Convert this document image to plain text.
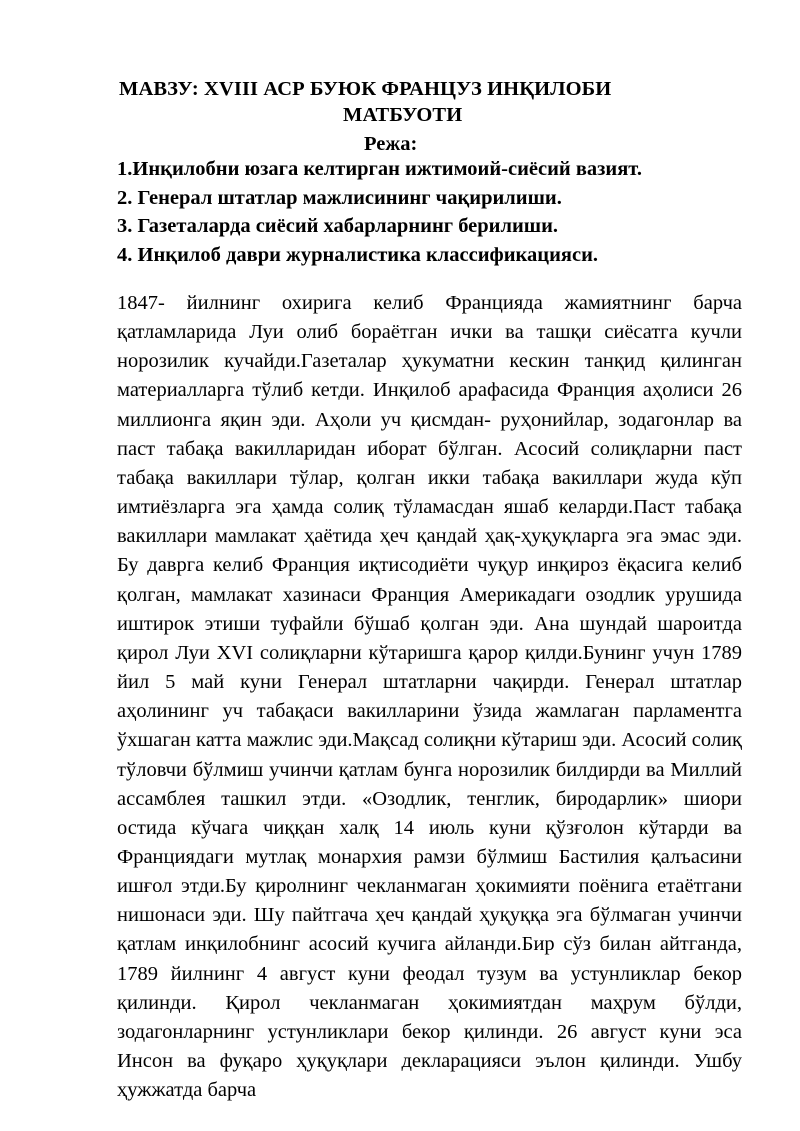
МАВЗУ: XVIII АСР БУЮК ФРАНЦУЗ ИНҚИЛОБИ
МАТБУОТИ
Режа:
1.Инқилобни юзага келтирган ижтимоий-сиёсий вазият.
2. Генерал штатлар мажлисининг чақирилиши.
3. Газеталарда сиёсий хабарларнинг берилиши.
4. Инқилоб даври журналистика классификацияси.

1847- йилнинг охирига келиб Францияда жамиятнинг барча қатламларида Луи олиб бораётган ички ва ташқи сиёсатга кучли норозилик кучайди.Газеталар ҳукуматни кескин танқид қилинган материалларга тўлиб кетди. Инқилоб арафасида Франция аҳолиси 26 миллионга яқин эди. Аҳоли уч қисмдан- руҳонийлар, зодагонлар ва паст табақа вакилларидан иборат бўлган. Асосий солиқларни паст табақа вакиллари тўлар, қолган икки табақа вакиллари жуда кўп имтиёзларга эга ҳамда солиқ тўламасдан яшаб келарди.Паст табақа вакиллари мамлакат ҳаётида ҳеч қандай ҳақ-ҳуқуқларга эга эмас эди. Бу даврга келиб Франция иқтисодиёти чуқур инқироз ёқасига келиб қолган, мамлакат хазинаси Франция Америкадаги озодлик урушида иштирок этиши туфайли бўшаб қолган эди. Ана шундай шароитда қирол Луи XVI солиқларни кўтаришга қарор қилди.Бунинг учун 1789 йил 5 май куни Генерал штатларни чақирди. Генерал штатлар аҳолининг уч табақаси вакилларини ўзида жамлаган парламентга ўхшаган катта мажлис эди.Мақсад солиқни кўтариш эди. Асосий солиқ тўловчи бўлмиш учинчи қатлам бунга норозилик билдирди ва Миллий ассамблея ташкил этди. «Озодлик, тенглик, биродарлик» шиори остида кўчага чиққан халқ 14 июль куни қўзғолон кўтарди ва Франциядаги мутлақ монархия рамзи бўлмиш Бастилия қалъасини ишғол этди.Бу қиролнинг чекланмаган ҳокимияти поёнига етаётгани нишонаси эди. Шу пайтгача ҳеч қандай ҳуқуққа эга бўлмаган учинчи қатлам инқилобнинг асосий кучига айланди.Бир сўз билан айтганда, 1789 йилнинг 4 август куни феодал тузум ва устунликлар бекор қилинди. Қирол чекланмаган ҳокимиятдан маҳрум бўлди, зодагонларнинг устунликлари бекор қилинди. 26 август куни эса Инсон ва фуқаро ҳуқуқлари декларацияси эълон қилинди. Ушбу ҳужжатда барча
